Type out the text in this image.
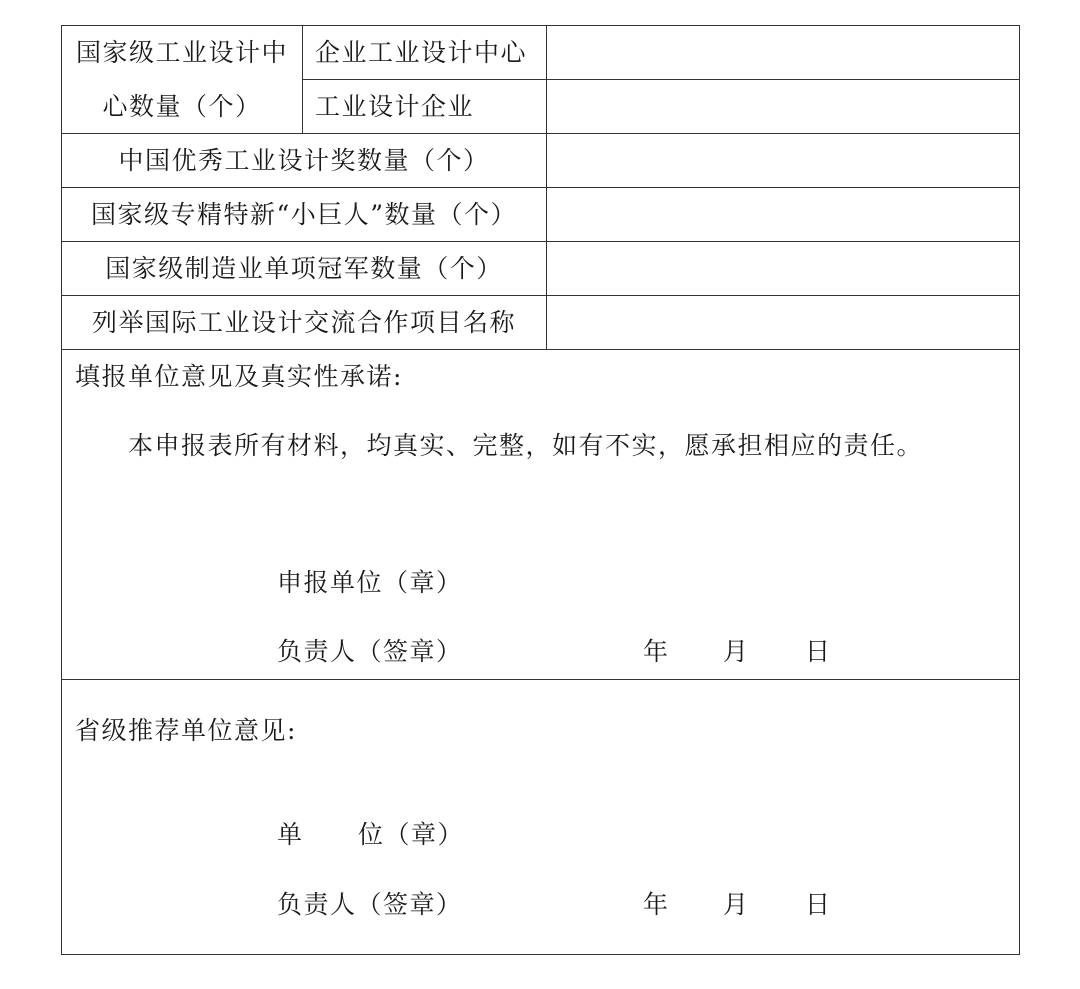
国家级工业设计中
心数量（个）
企业工业设计中心
工业设计企业
中国优秀工业设计奖数量（个）
国家级专精特新“小巨人”数量（个）
国家级制造业单项冠军数量（个）
列举国际工业设计交流合作项目名称
填报单位意见及真实性承诺:
本申报表所有材料，均真实、完整，如有不实，愿承担相应的责任。
申报单位（章）
负责人（签章）	年 月 日
省级推荐单位意见:
单 位（章）
负责人（签章）	年 月 日
